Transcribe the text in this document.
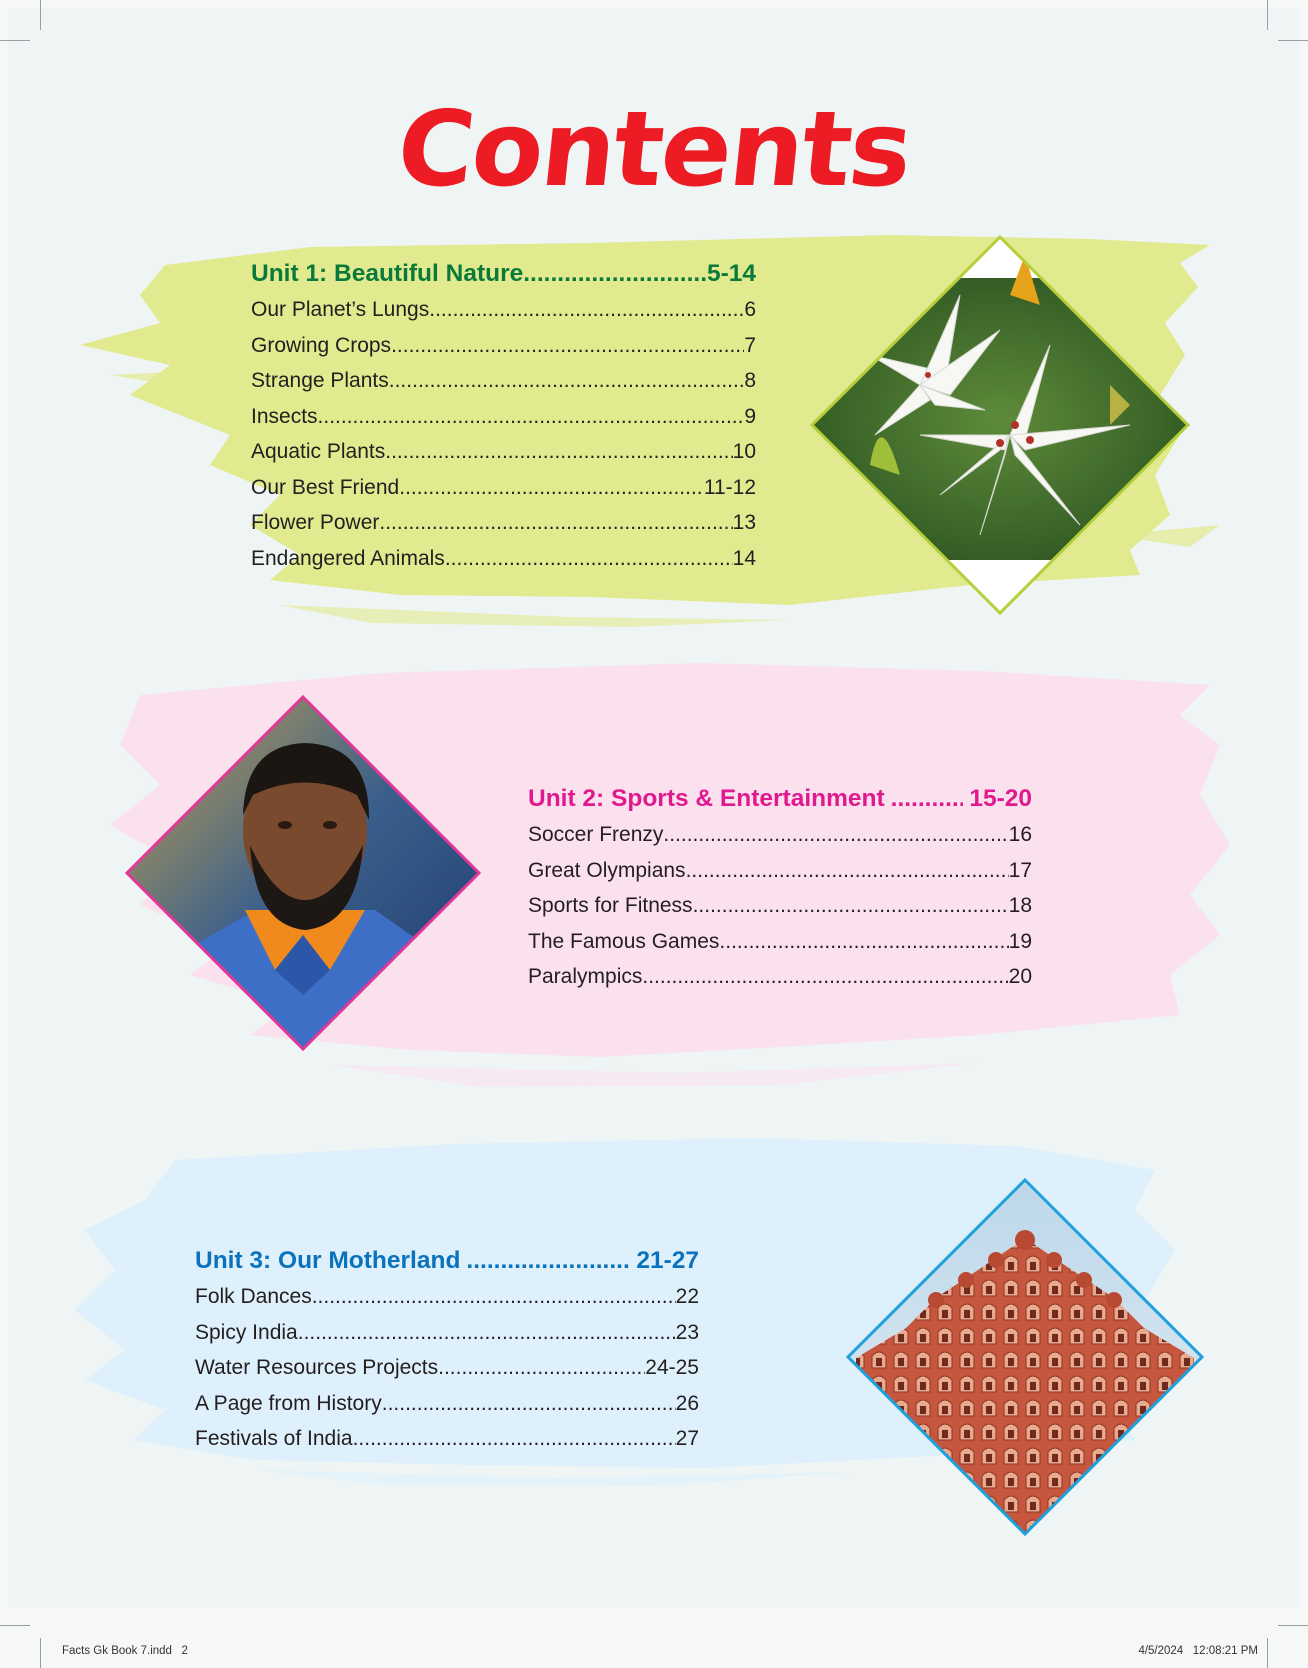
Contents
Unit 1: Beautiful Nature .....	5-14
Our Planet’s Lungs .....	6
Growing Crops .....	7
Strange Plants .....	8
Insects .....	9
Aquatic Plants .....	10
Our Best Friend .....	11-12
Flower Power .....	13
Endangered Animals .....	14
Unit 2: Sports & Entertainment .....	15-20
Soccer Frenzy .....	16
Great Olympians .....	17
Sports for Fitness .....	18
The Famous Games .....	19
Paralympics .....	20
Unit 3: Our Motherland .....	21-27
Folk Dances .....	22
Spicy India .....	23
Water Resources Projects .....	24-25
A Page from History .....	26
Festivals of India .....	27
Facts Gk Book 7.indd   2	4/5/2024   12:08:21 PM
